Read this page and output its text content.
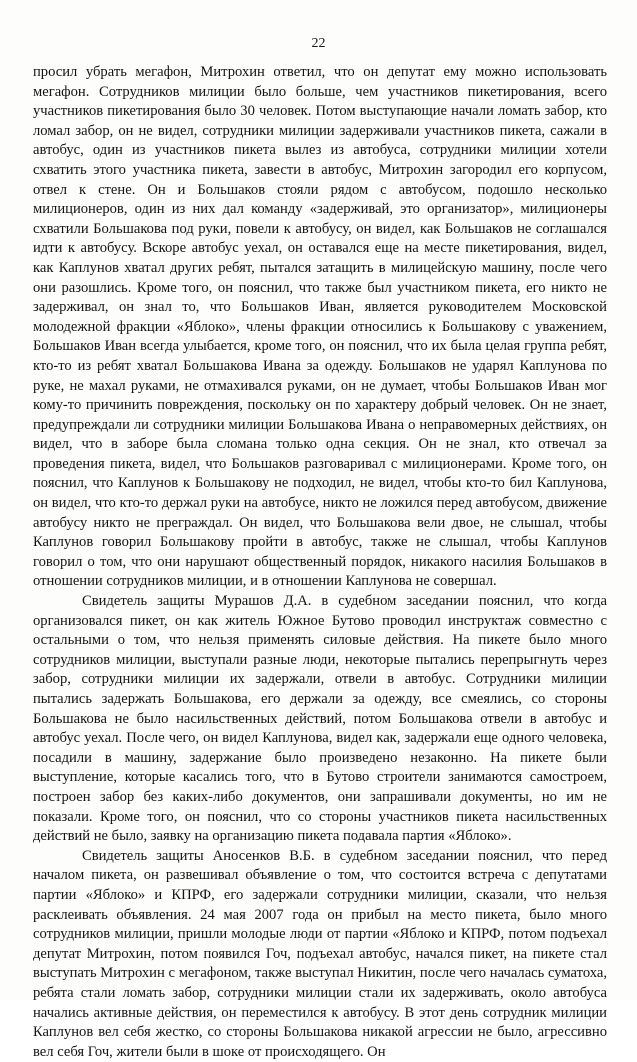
22

просил убрать мегафон, Митрохин ответил, что он депутат ему можно использовать мегафон. Сотрудников милиции было больше, чем участников пикетирования, всего участников пикетирования было 30 человек. Потом выступающие начали ломать забор, кто ломал забор, он не видел, сотрудники милиции задерживали участников пикета, сажали в автобус, один из участников пикета вылез из автобуса, сотрудники милиции хотели схватить этого участника пикета, завести в автобус, Митрохин загородил его корпусом, отвел к стене. Он и Большаков стояли рядом с автобусом, подошло несколько милиционеров, один из них дал команду «задерживай, это организатор», милиционеры схватили Большакова под руки, повели к автобусу, он видел, как Большаков не соглашался идти к автобусу. Вскоре автобус уехал, он оставался еще на месте пикетирования, видел, как Каплунов хватал других ребят, пытался затащить в милицейскую машину, после чего они разошлись. Кроме того, он пояснил, что также был участником пикета, его никто не задерживал, он знал то, что Большаков Иван, является руководителем Московской молодежной фракции «Яблоко», члены фракции относились к Большакову с уважением, Большаков Иван всегда улыбается, кроме того, он пояснил, что их была целая группа ребят, кто-то из ребят хватал Большакова Ивана за одежду. Большаков не ударял Каплунова по руке, не махал руками, не отмахивался руками, он не думает, чтобы Большаков Иван мог кому-то причинить повреждения, поскольку он по характеру добрый человек. Он не знает, предупреждали ли сотрудники милиции Большакова Ивана о неправомерных действиях, он видел, что в заборе была сломана только одна секция. Он не знал, кто отвечал за проведения пикета, видел, что Большаков разговаривал с милиционерами. Кроме того, он пояснил, что Каплунов к Большакову не подходил, не видел, чтобы кто-то бил Каплунова, он видел, что кто-то держал руки на автобусе, никто не ложился перед автобусом, движение автобусу никто не преграждал. Он видел, что Большакова вели двое, не слышал, чтобы Каплунов говорил Большакову пройти в автобус, также не слышал, чтобы Каплунов говорил о том, что они нарушают общественный порядок, никакого насилия Большаков в отношении сотрудников милиции, и в отношении Каплунова не совершал.

Свидетель защиты Мурашов Д.А. в судебном заседании пояснил, что когда организовался пикет, он как житель Южное Бутово проводил инструктаж совместно с остальными о том, что нельзя применять силовые действия. На пикете было много сотрудников милиции, выступали разные люди, некоторые пытались перепрыгнуть через забор, сотрудники милиции их задержали, отвели в автобус. Сотрудники милиции пытались задержать Большакова, его держали за одежду, все смеялись, со стороны Большакова не было насильственных действий, потом Большакова отвели в автобус и автобус уехал. После чего, он видел Каплунова, видел как, задержали еще одного человека, посадили в машину, задержание было произведено незаконно. На пикете были выступление, которые касались того, что в Бутово строители занимаются самостроем, построен забор без каких-либо документов, они запрашивали документы, но им не показали. Кроме того, он пояснил, что со стороны участников пикета насильственных действий не было, заявку на организацию пикета подавала партия «Яблоко».

Свидетель защиты Аносенков В.Б. в судебном заседании пояснил, что перед началом пикета, он развешивал объявление о том, что состоится встреча с депутатами партии «Яблоко» и КПРФ, его задержали сотрудники милиции, сказали, что нельзя расклеивать объявления. 24 мая 2007 года он прибыл на место пикета, было много сотрудников милиции, пришли молодые люди от партии «Яблоко и КПРФ, потом подъехал депутат Митрохин, потом появился Гоч, подъехал автобус, начался пикет, на пикете стал выступать Митрохин с мегафоном, также выступал Никитин, после чего началась суматоха, ребята стали ломать забор, сотрудники милиции стали их задерживать, около автобуса начались активные действия, он переместился к автобусу. В этот день сотрудник милиции Каплунов вел себя жестко, со стороны Большакова никакой агрессии не было, агрессивно вел себя Гоч, жители были в шоке от происходящего. Он
